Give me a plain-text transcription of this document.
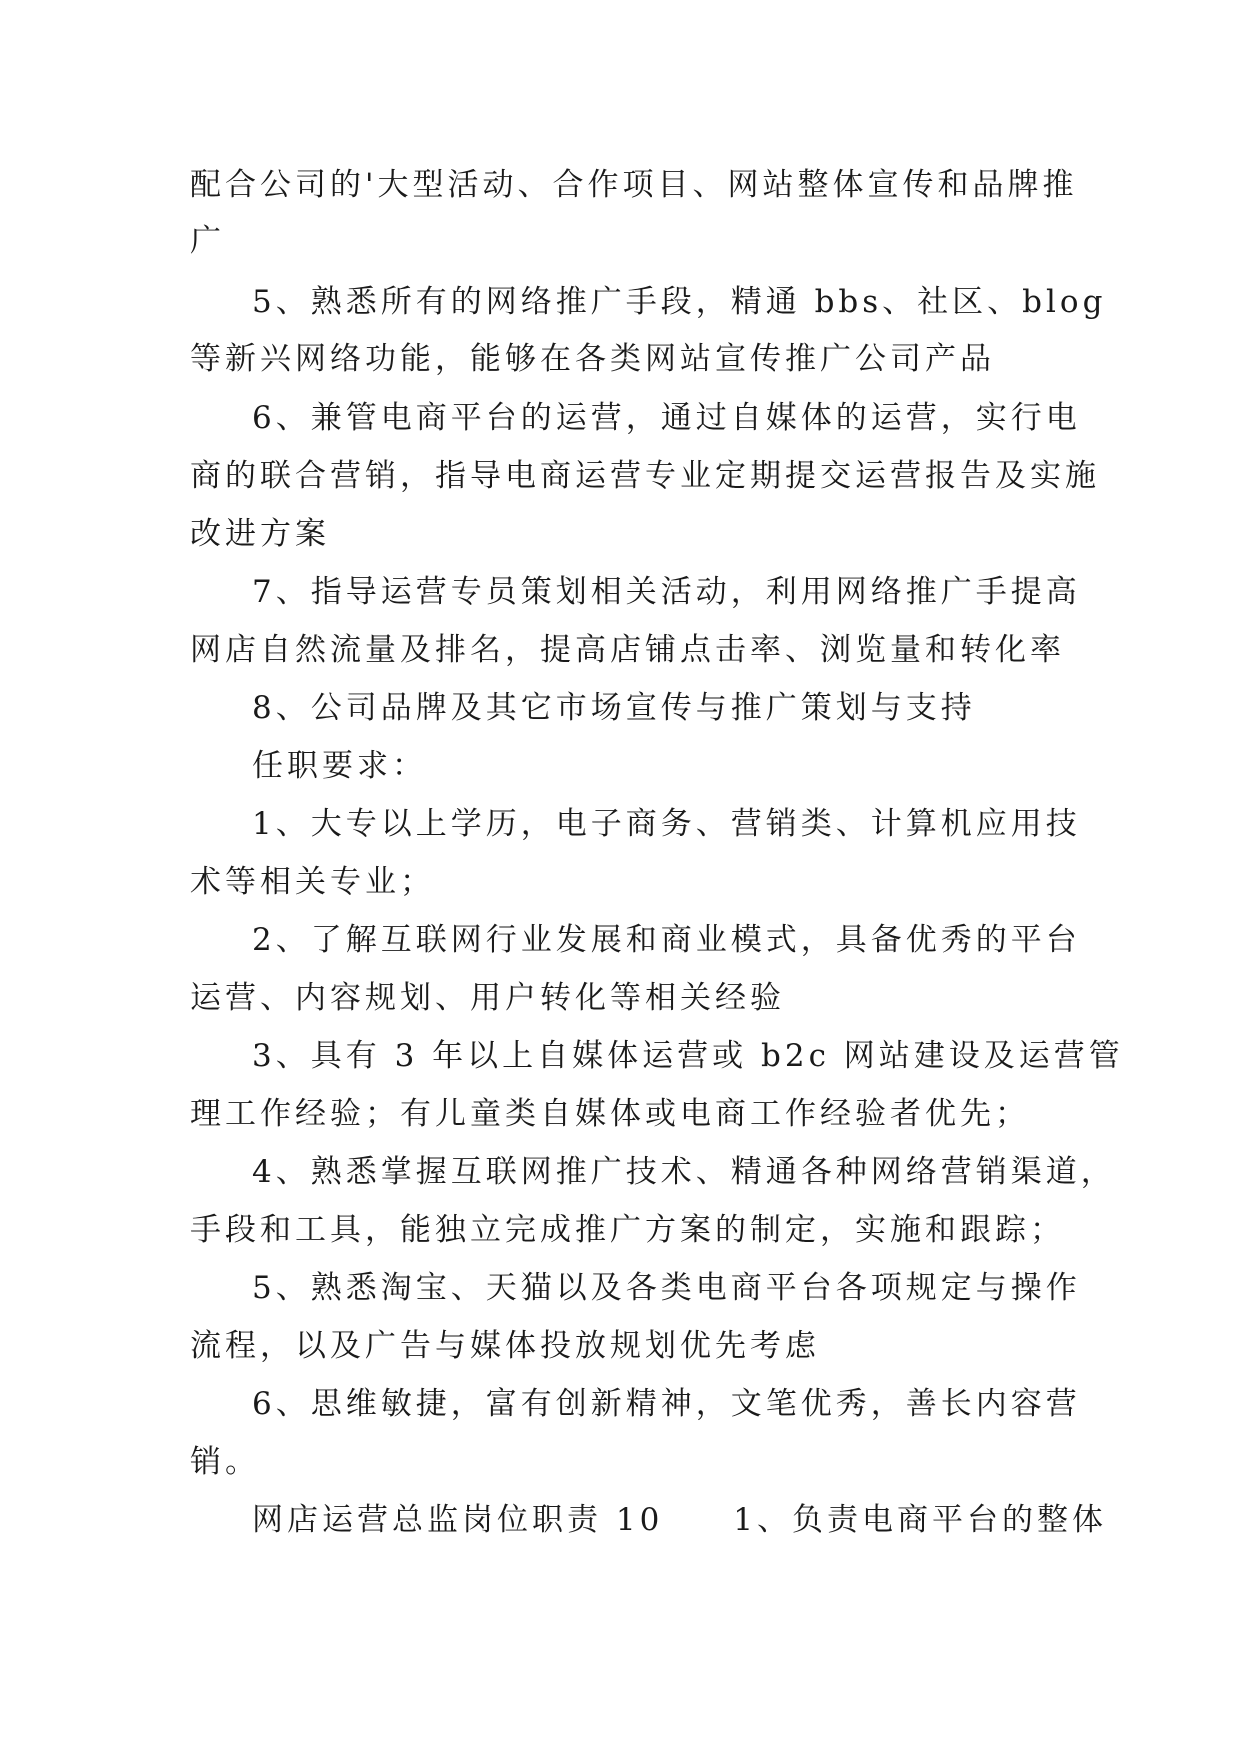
配合公司的'大型活动、合作项目、网站整体宣传和品牌推
广
5、熟悉所有的网络推广手段，精通 bbs、社区、blog
等新兴网络功能，能够在各类网站宣传推广公司产品
6、兼管电商平台的运营，通过自媒体的运营，实行电
商的联合营销，指导电商运营专业定期提交运营报告及实施
改进方案
7、指导运营专员策划相关活动，利用网络推广手提高
网店自然流量及排名，提高店铺点击率、浏览量和转化率
8、公司品牌及其它市场宣传与推广策划与支持
任职要求：
1、大专以上学历，电子商务、营销类、计算机应用技
术等相关专业；
2、了解互联网行业发展和商业模式，具备优秀的平台
运营、内容规划、用户转化等相关经验
3、具有 3 年以上自媒体运营或 b2c 网站建设及运营管
理工作经验；有儿童类自媒体或电商工作经验者优先；
4、熟悉掌握互联网推广技术、精通各种网络营销渠道，
手段和工具，能独立完成推广方案的制定，实施和跟踪；
5、熟悉淘宝、天猫以及各类电商平台各项规定与操作
流程，以及广告与媒体投放规划优先考虑
6、思维敏捷，富有创新精神，文笔优秀，善长内容营
销。
网店运营总监岗位职责 10　　1、负责电商平台的整体
